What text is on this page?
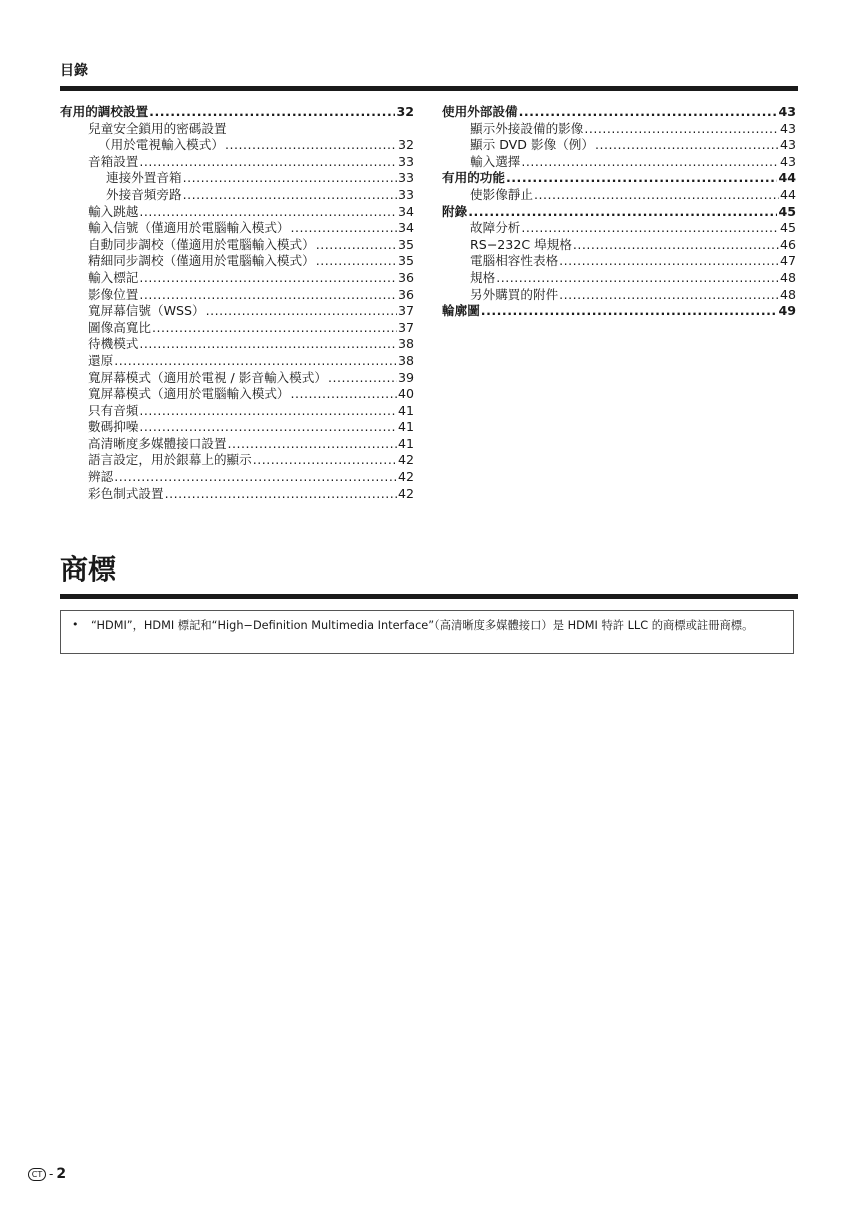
目錄
有用的調校設置 .....	32
兒童安全鎖用的密碼設置
（用於電視輸入模式） .....	32
音箱設置 .....	33
連接外置音箱 .....	33
外接音頻旁路 .....	33
輸入跳越 .....	34
輸入信號（僅適用於電腦輸入模式） .....	34
自動同步調校（僅適用於電腦輸入模式） .....	35
精細同步調校（僅適用於電腦輸入模式） .....	35
輸入標記 .....	36
影像位置 .....	36
寬屏幕信號（WSS） .....	37
圖像高寬比 .....	37
待機模式 .....	38
還原 .....	38
寬屏幕模式（適用於電視 / 影音輸入模式） .....	39
寬屏幕模式（適用於電腦輸入模式） .....	40
只有音頻 .....	41
數碼抑噪 .....	41
高清晰度多媒體接口設置 .....	41
語言設定，用於銀幕上的顯示 .....	42
辨認 .....	42
彩色制式設置 .....	42
使用外部設備 .....	43
顯示外接設備的影像 .....	43
顯示 DVD 影像（例） .....	43
輸入選擇 .....	43
有用的功能 .....	44
使影像靜止 .....	44
附錄 .....	45
故障分析 .....	45
RS−232C 埠規格 .....	46
電腦相容性表格 .....	47
規格 .....	48
另外購買的附件 .....	48
輪廓圖 .....	49
商標
• “HDMI”，HDMI 標記和“High−Definition Multimedia Interface”（高清晰度多媒體接口）是 HDMI 特許 LLC 的商標或註冊商標。
CT - 2
